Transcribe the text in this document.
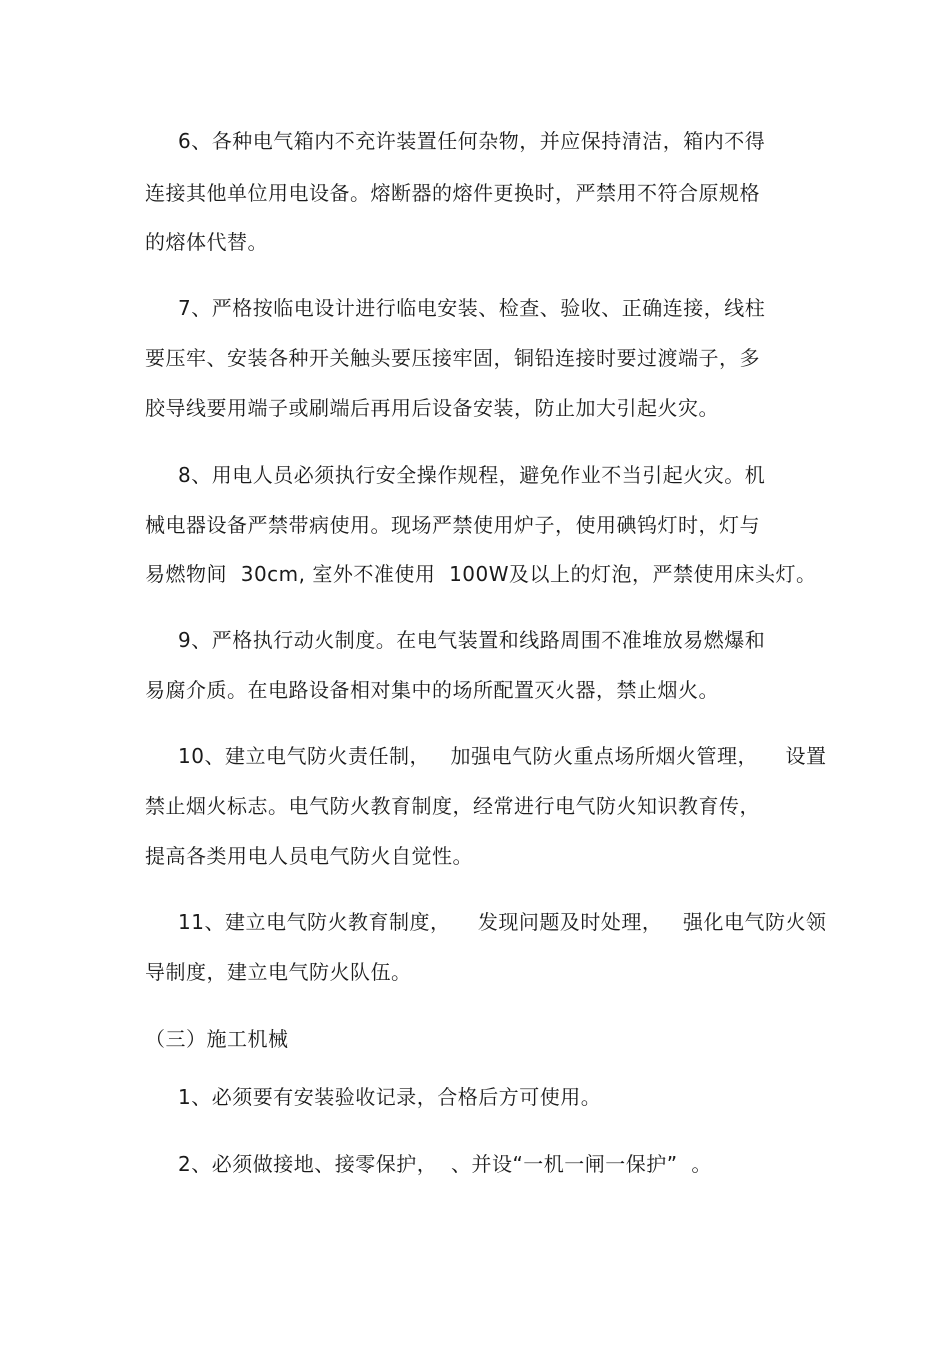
6、各种电气箱内不充许装置任何杂物，并应保持清洁，箱内不得
连接其他单位用电设备。熔断器的熔件更换时，严禁用不符合原规格
的熔体代替。
7、严格按临电设计进行临电安装、检查、验收、正确连接，线柱
要压牢、安装各种开关触头要压接牢固，铜铅连接时要过渡端子，多
胶导线要用端子或刷端后再用后设备安装，防止加大引起火灾。
8、用电人员必须执行安全操作规程，避免作业不当引起火灾。机
械电器设备严禁带病使用。现场严禁使用炉子，使用碘钨灯时，灯与
易燃物间  30cm, 室外不准使用  100W及以上的灯泡，严禁使用床头灯。
9、严格执行动火制度。在电气装置和线路周围不准堆放易燃爆和
易腐介质。在电路设备相对集中的场所配置灭火器，禁止烟火。
10、建立电气防火责任制，   加强电气防火重点场所烟火管理，    设置
禁止烟火标志。电气防火教育制度，经常进行电气防火知识教育传，
提高各类用电人员电气防火自觉性。
11、建立电气防火教育制度，    发现问题及时处理，   强化电气防火领
导制度，建立电气防火队伍。
（三）施工机械
1、必须要有安装验收记录，合格后方可使用。
2、必须做接地、接零保护，  、并设“一机一闸一保护”  。
